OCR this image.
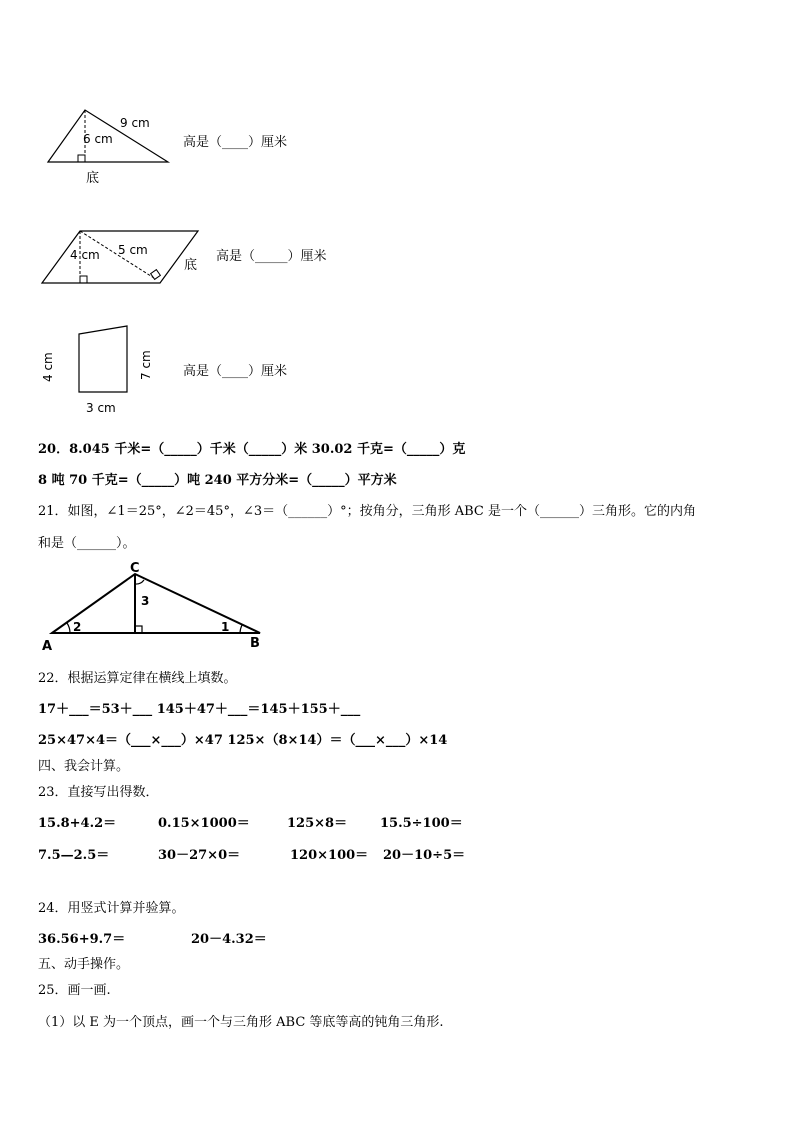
9 cm
6 cm
底
高是（____）厘米
5 cm
4 cm
底
高是（_____）厘米
4 cm	7 cm
3 cm
高是（____）厘米
20．8.045 千米=（_____）千米（_____）米 30.02 千克=（_____）克
8 吨 70 千克=（_____）吨 240 平方分米=（_____）平方米
21．如图，∠1＝25°，∠2＝45°，∠3＝（______）°；按角分，三角形 ABC 是一个（______）三角形。它的内角
和是（______）。
C
A	B
1
2
3
22．根据运算定律在横线上填数。
17＋___＝53＋___ 145＋47＋___＝145＋155＋___
25×47×4＝（___×___）×47 125×（8×14）＝（___×___）×14
四、我会计算。
23．直接写出得数．
15.8+4.2＝	0.15×1000＝	125×8＝	15.5÷100＝
7.5—2.5＝	30－27×0＝	120×100＝ 20－10÷5＝
24．用竖式计算并验算。
36.56+9.7＝	20－4.32＝
五、动手操作。
25．画一画.
（1）以 E 为一个顶点，画一个与三角形 ABC 等底等高的钝角三角形.
